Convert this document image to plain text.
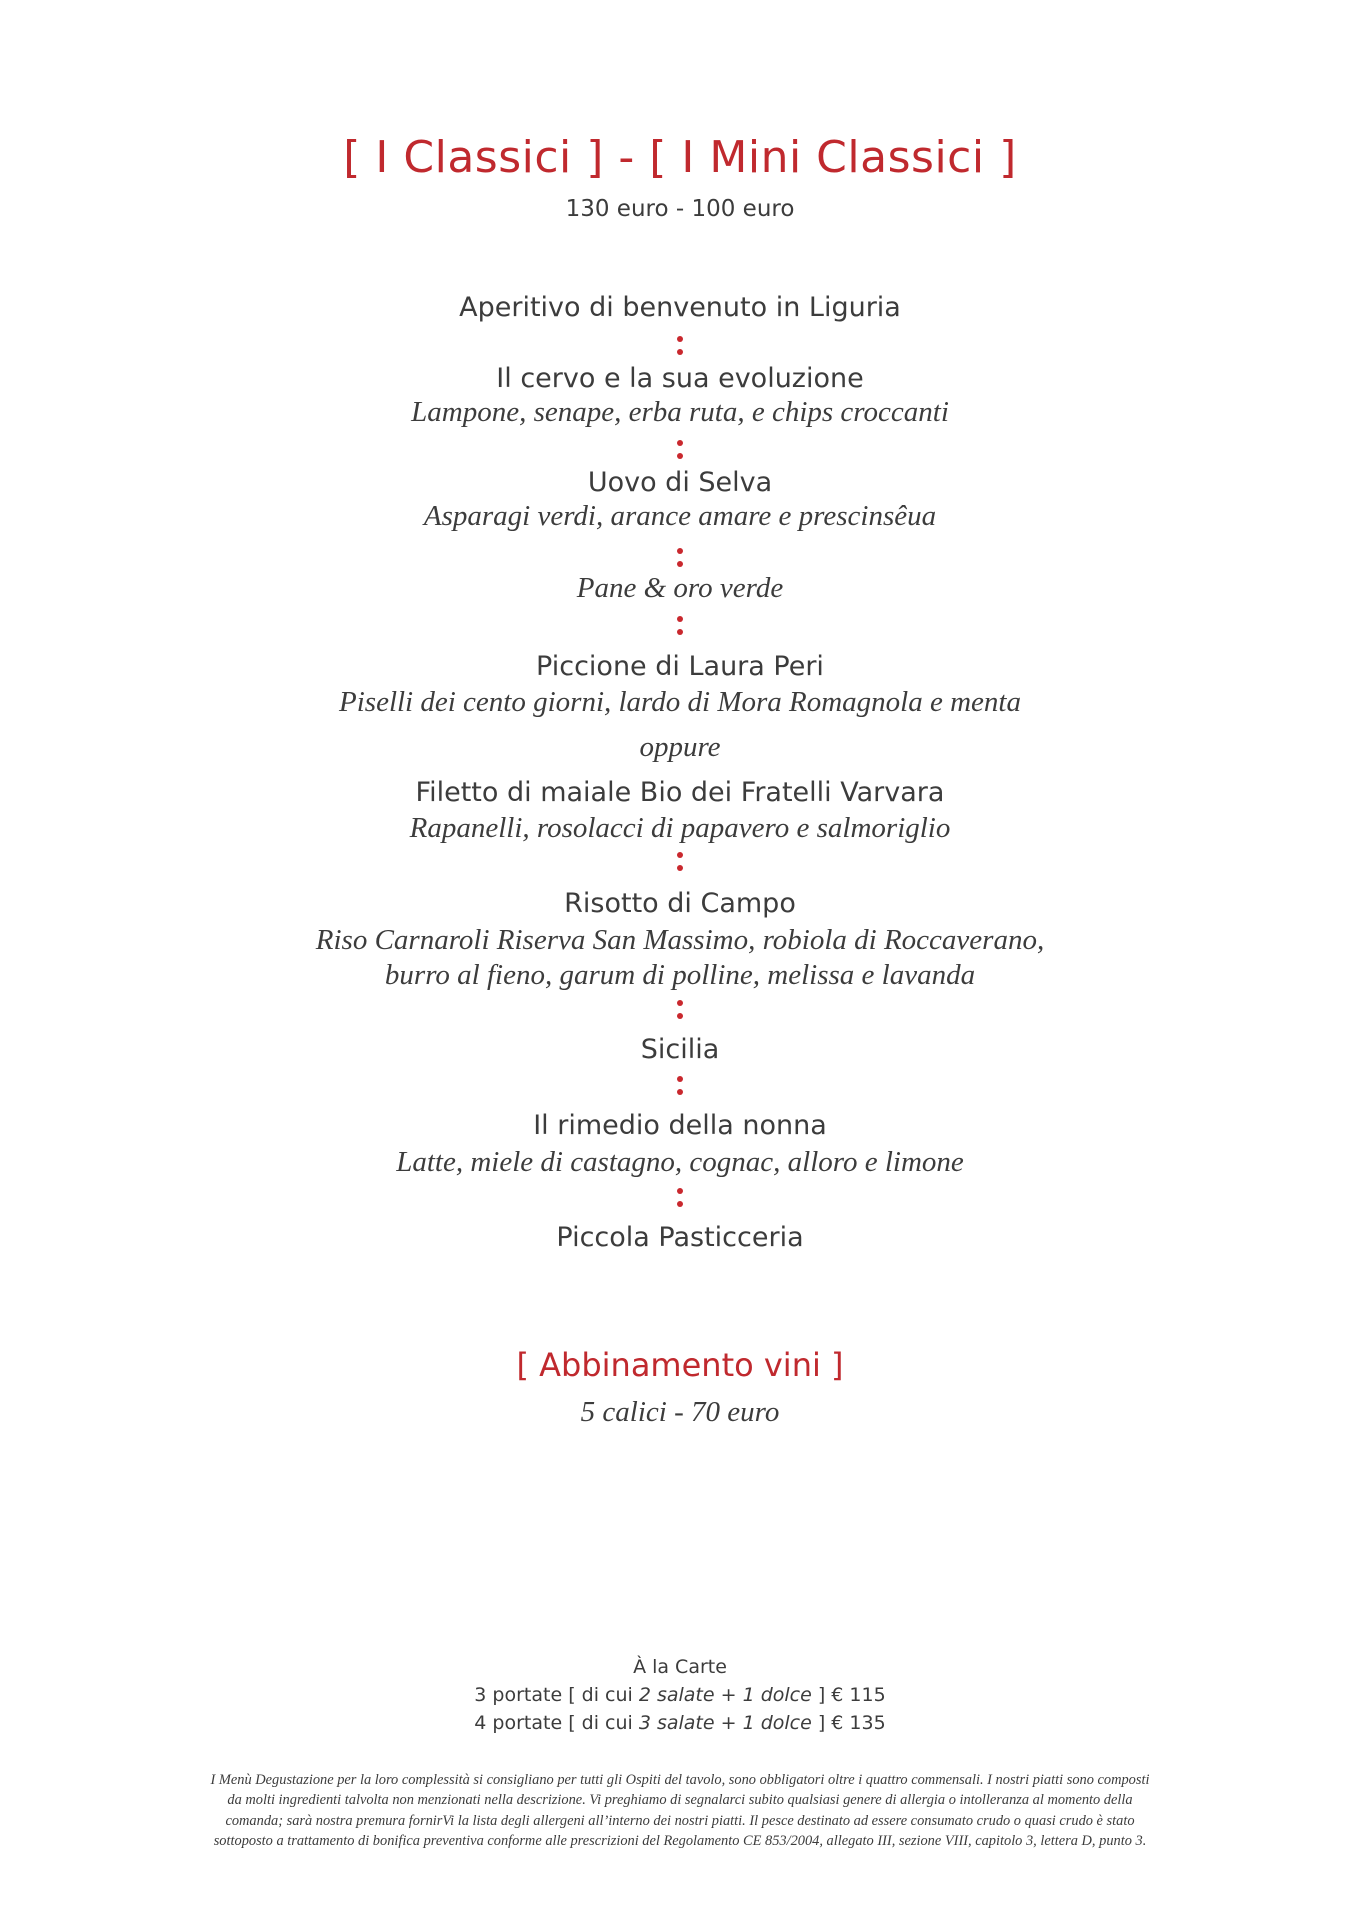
[ I Classici ] - [ I Mini Classici ]
130 euro - 100 euro
Aperitivo di benvenuto in Liguria
Il cervo e la sua evoluzione
Lampone, senape, erba ruta, e chips croccanti
Uovo di Selva
Asparagi verdi, arance amare e prescinsêua
Pane & oro verde
Piccione di Laura Peri
Piselli dei cento giorni, lardo di Mora Romagnola e menta
oppure
Filetto di maiale Bio dei Fratelli Varvara
Rapanelli, rosolacci di papavero e salmoriglio
Risotto di Campo
Riso Carnaroli Riserva San Massimo, robiola di Roccaverano,
burro al fieno, garum di polline, melissa e lavanda
Sicilia
Il rimedio della nonna
Latte, miele di castagno, cognac, alloro e limone
Piccola Pasticceria
[ Abbinamento vini ]
5 calici - 70 euro
À la Carte
3 portate [ di cui 2 salate + 1 dolce ] € 115
4 portate [ di cui 3 salate + 1 dolce ] € 135
I Menù Degustazione per la loro complessità si consigliano per tutti gli Ospiti del tavolo, sono obbligatori oltre i quattro commensali. I nostri piatti sono composti
da molti ingredienti talvolta non menzionati nella descrizione. Vi preghiamo di segnalarci subito qualsiasi genere di allergia o intolleranza al momento della
comanda; sarà nostra premura fornirVi la lista degli allergeni all’interno dei nostri piatti. Il pesce destinato ad essere consumato crudo o quasi crudo è stato
sottoposto a trattamento di bonifica preventiva conforme alle prescrizioni del Regolamento CE 853/2004, allegato III, sezione VIII, capitolo 3, lettera D, punto 3.
